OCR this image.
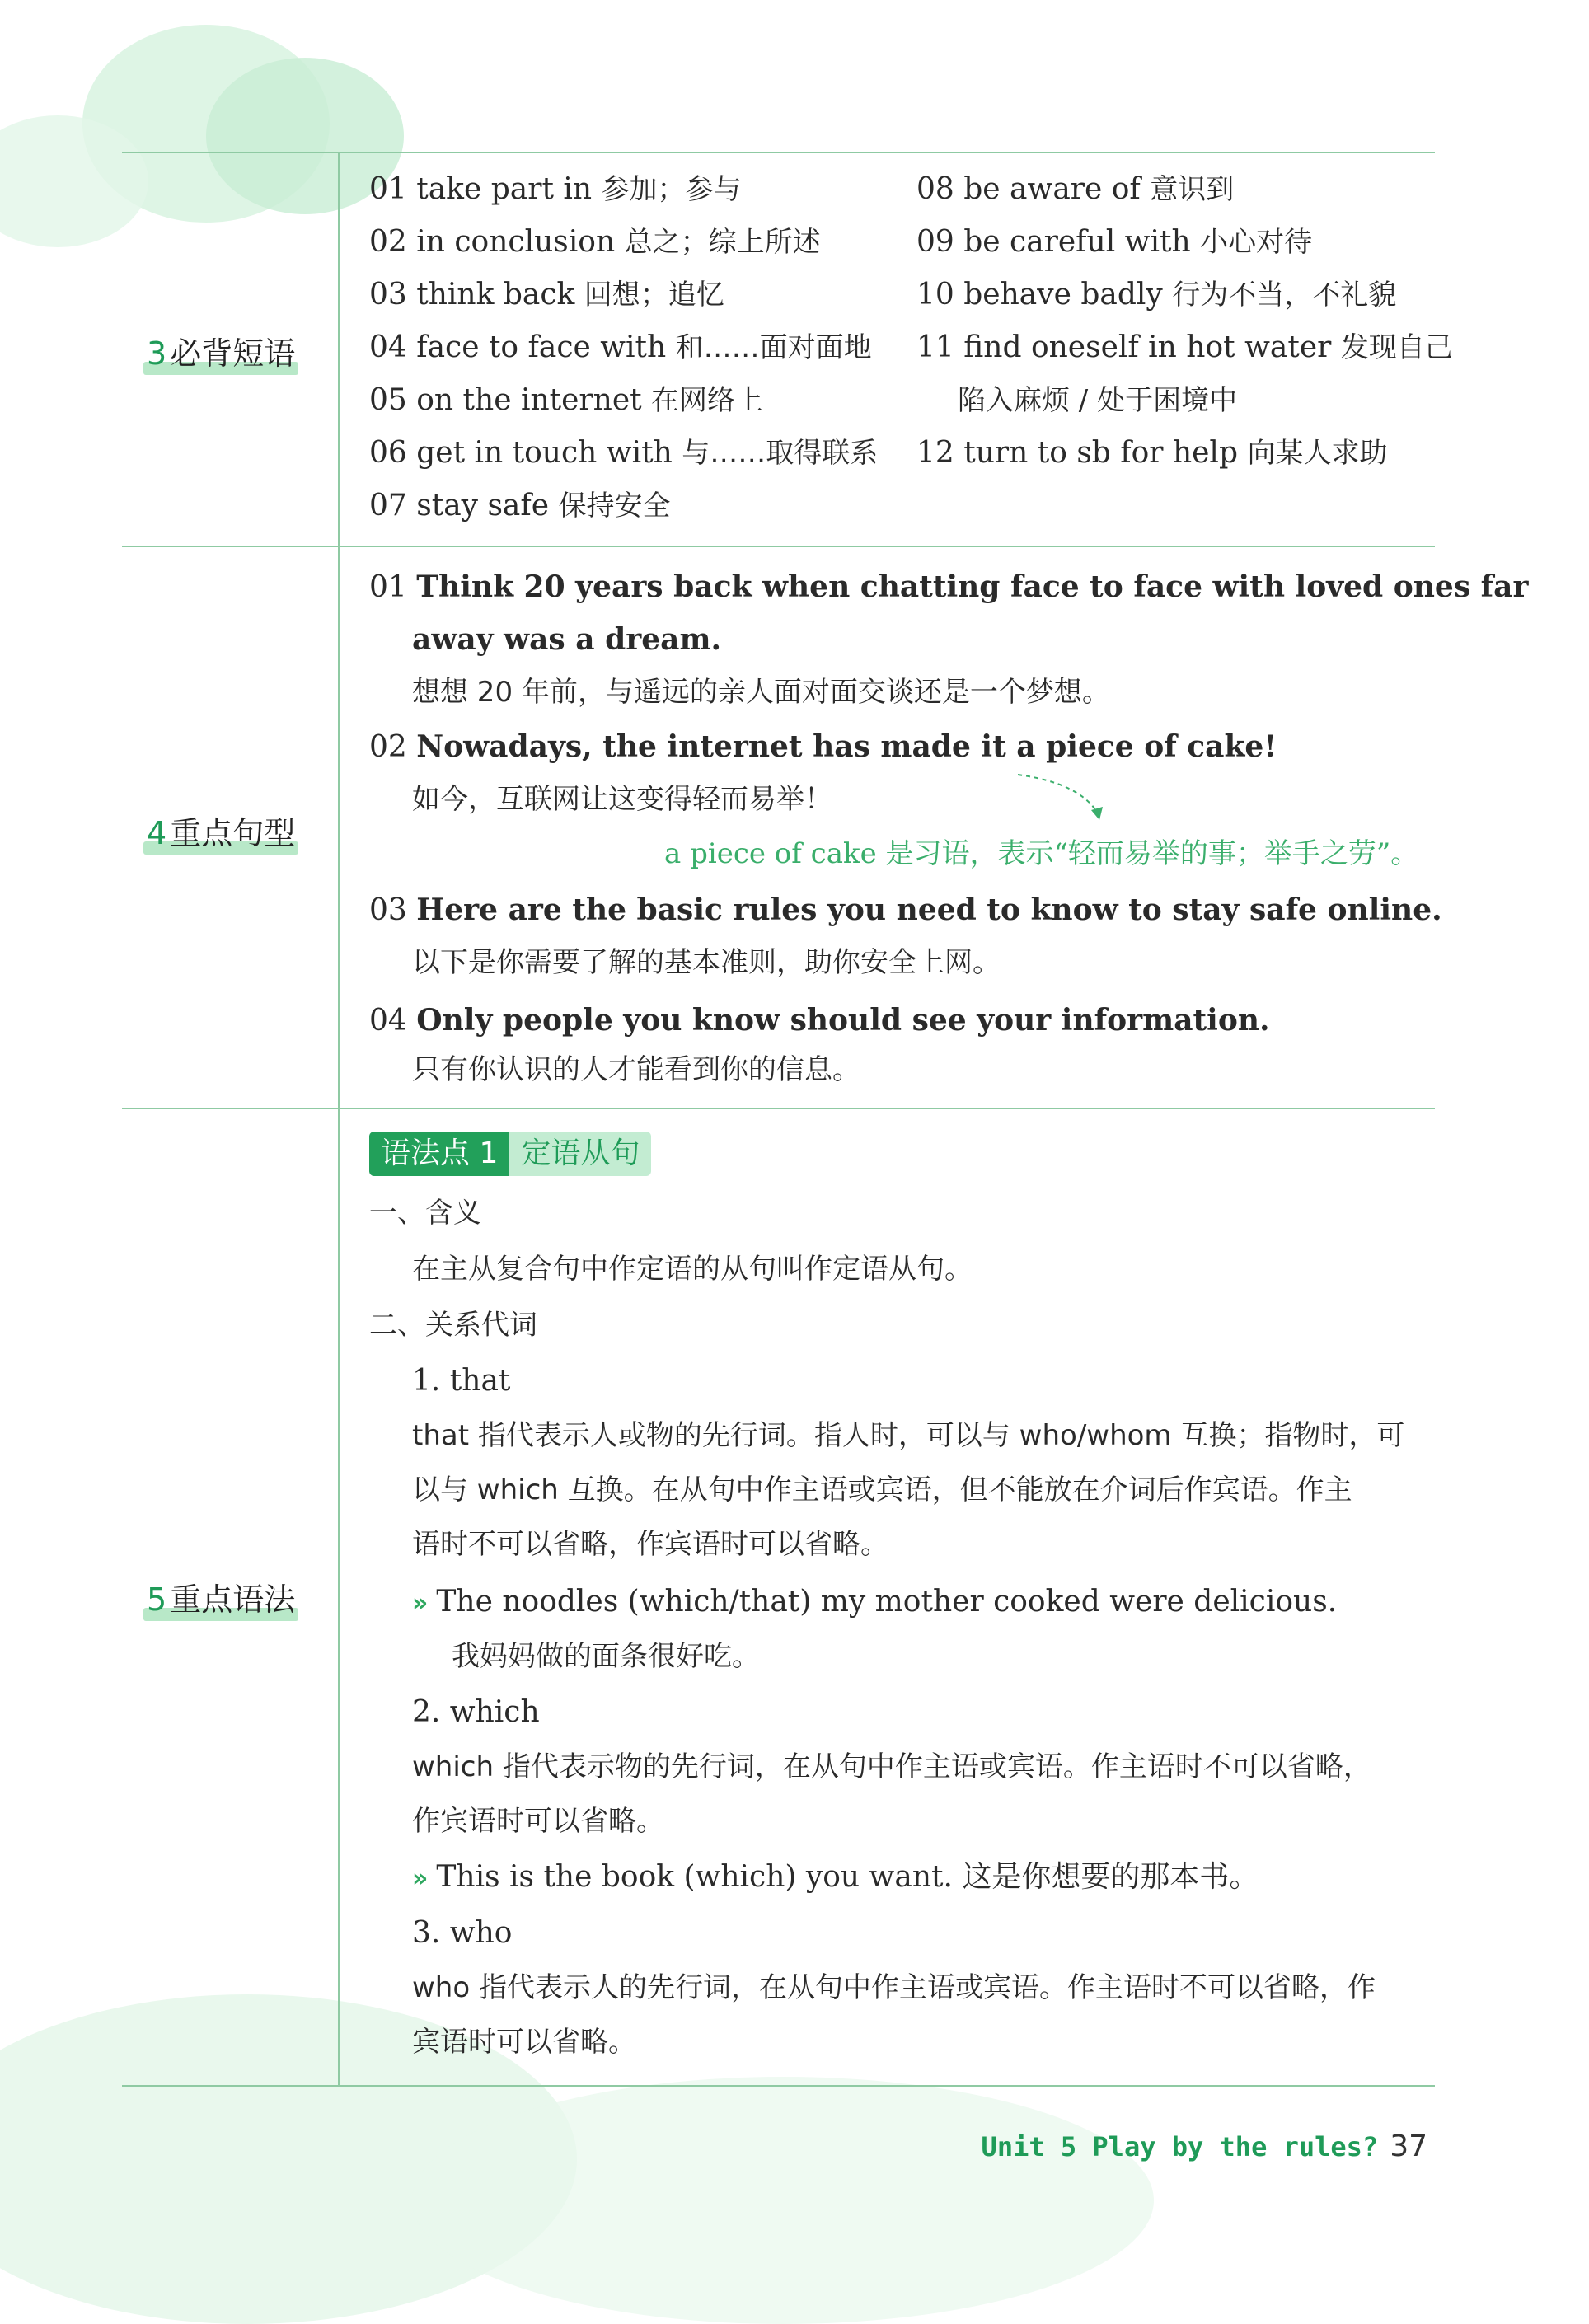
3 必背短语
01 take part in 参加；参与
02 in conclusion 总之；综上所述
03 think back 回想；追忆
04 face to face with 和……面对面地
05 on the internet 在网络上
06 get in touch with 与……取得联系
07 stay safe 保持安全
08 be aware of 意识到
09 be careful with 小心对待
10 behave badly 行为不当，不礼貌
11 find oneself in hot water 发现自己
陷入麻烦 / 处于困境中
12 turn to sb for help 向某人求助
4 重点句型
01 Think 20 years back when chatting face to face with loved ones far
away was a dream.
想想 20 年前，与遥远的亲人面对面交谈还是一个梦想。
02 Nowadays, the internet has made it a piece of cake!
如今，互联网让这变得轻而易举！
a piece of cake 是习语，表示“轻而易举的事；举手之劳”。
03 Here are the basic rules you need to know to stay safe online.
以下是你需要了解的基本准则，助你安全上网。
04 Only people you know should see your information.
只有你认识的人才能看到你的信息。
5 重点语法
语法点 1 定语从句
一、含义
在主从复合句中作定语的从句叫作定语从句。
二、关系代词
1. that
that 指代表示人或物的先行词。指人时，可以与 who/whom 互换；指物时，可
以与 which 互换。在从句中作主语或宾语，但不能放在介词后作宾语。作主
语时不可以省略，作宾语时可以省略。
» The noodles (which/that) my mother cooked were delicious.
我妈妈做的面条很好吃。
2. which
which 指代表示物的先行词，在从句中作主语或宾语。作主语时不可以省略，
作宾语时可以省略。
» This is the book (which) you want. 这是你想要的那本书。
3. who
who 指代表示人的先行词，在从句中作主语或宾语。作主语时不可以省略，作
宾语时可以省略。
Unit 5 Play by the rules? 37
